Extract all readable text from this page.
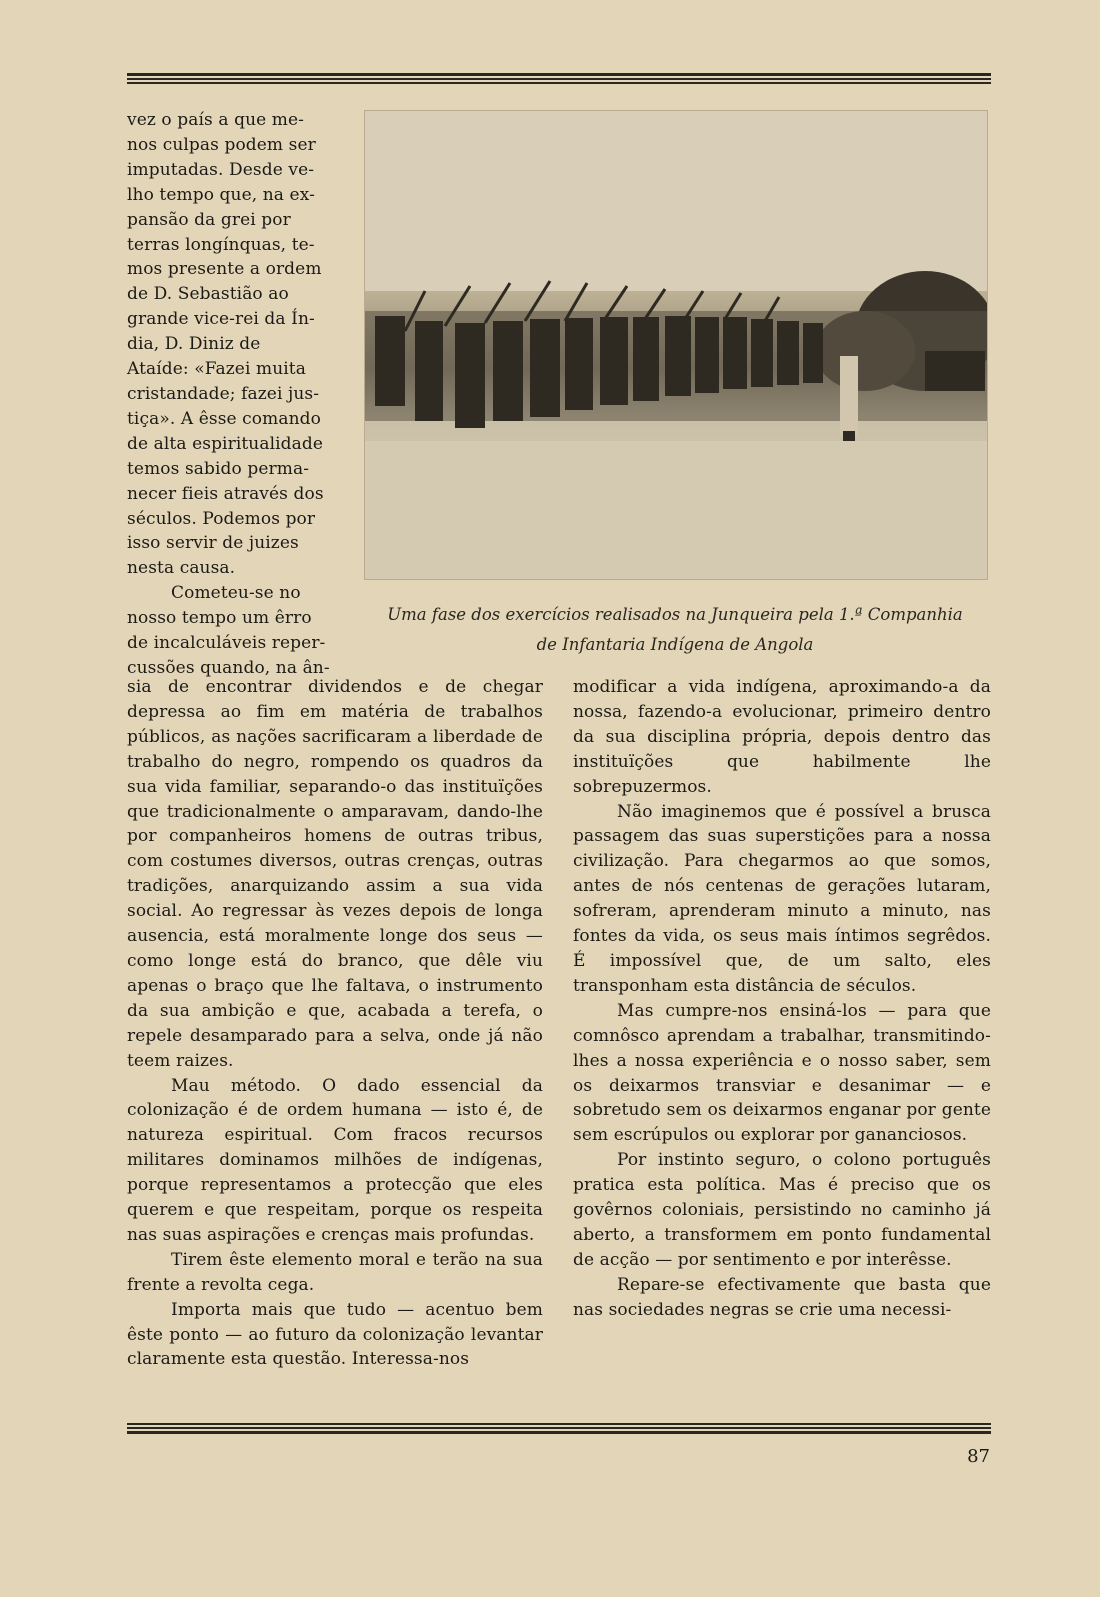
vez o país a que me-
nos culpas podem ser
imputadas. Desde ve-
lho tempo que, na ex-
pansão da grei por
terras longínquas, te-
mos presente a ordem
de D. Sebastião ao
grande vice-rei da Ín-
dia, D. Diniz de
Ataíde: «Fazei muita
cristandade; fazei jus-
tiça». A êsse comando
de alta espiritualidade
temos sabido perma-
necer fieis através dos
séculos. Podemos por
isso servir de juizes
nesta causa.
Cometeu-se no
nosso tempo um êrro
de incalculáveis reper-
cussões quando, na ân-
Uma fase dos exercícios realisados na Junqueira pela 1.ª Companhia
de Infantaria Indígena de Angola

sia de encontrar dividendos e de chegar depressa ao fim em matéria de trabalhos públicos, as nações sacrificaram a liberdade de trabalho do negro, rompendo os quadros da sua vida familiar, separando-o das instituïções que tradicionalmente o amparavam, dando-lhe por companheiros homens de outras tribus, com costumes diversos, outras crenças, outras tradições, anarquizando assim a sua vida social. Ao regressar às vezes depois de longa ausencia, está moralmente longe dos seus — como longe está do branco, que dêle viu apenas o braço que lhe faltava, o instrumento da sua ambição e que, acabada a terefa, o repele desamparado para a selva, onde já não teem raizes.

Mau método. O dado essencial da colonização é de ordem humana — isto é, de natureza espiritual. Com fracos recursos militares dominamos milhões de indígenas, porque representamos a protecção que eles querem e que respeitam, porque os respeita nas suas aspirações e crenças mais profundas.

Tirem êste elemento moral e terão na sua frente a revolta cega.

Importa mais que tudo — acentuo bem êste ponto — ao futuro da colonização levantar claramente esta questão. Interessa-nos

modificar a vida indígena, aproximando-a da nossa, fazendo-a evolucionar, primeiro dentro da sua disciplina própria, depois dentro das instituïções que habilmente lhe sobrepuzermos.

Não imaginemos que é possível a brusca passagem das suas superstições para a nossa civilização. Para chegarmos ao que somos, antes de nós centenas de gerações lutaram, sofreram, aprenderam minuto a minuto, nas fontes da vida, os seus mais íntimos segrêdos. É impossível que, de um salto, eles transponham esta distância de séculos.

Mas cumpre-nos ensiná-los — para que comnôsco aprendam a trabalhar, transmitindo-lhes a nossa experiência e o nosso saber, sem os deixarmos transviar e desanimar — e sobretudo sem os deixarmos enganar por gente sem escrúpulos ou explorar por gananciosos.

Por instinto seguro, o colono português pratica esta política. Mas é preciso que os govêrnos coloniais, persistindo no caminho já aberto, a transformem em ponto fundamental de acção — por sentimento e por interêsse.

Repare-se efectivamente que basta que nas sociedades negras se crie uma necessi-

87
